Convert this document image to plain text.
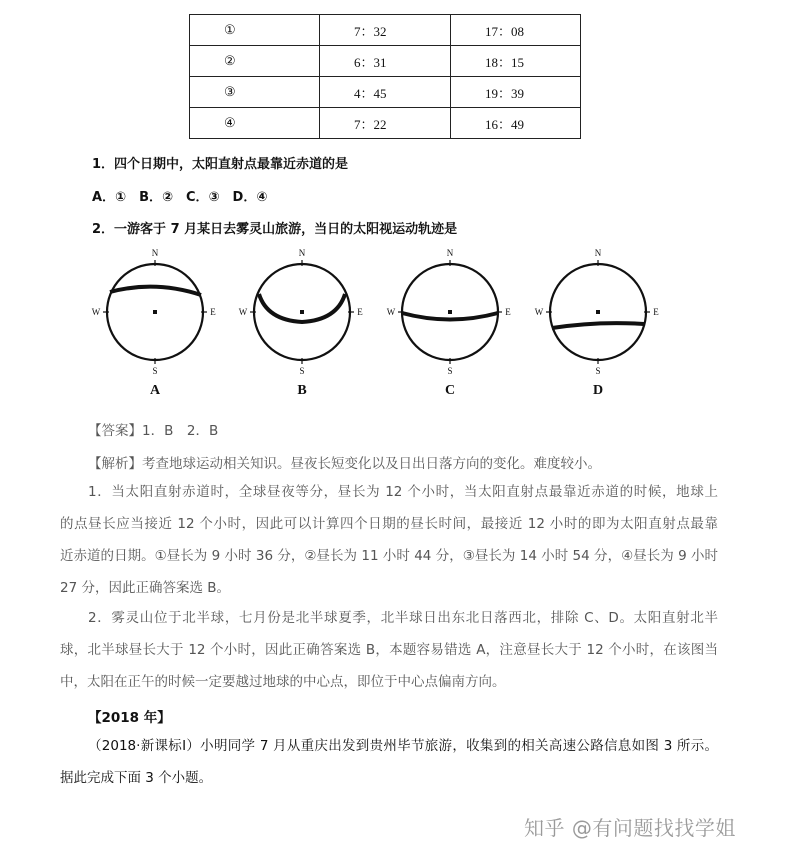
①	7：32	17：08
②	6：31	18：15
③	4：45	19：39
④	7：22	16：49
1．四个日期中，太阳直射点最靠近赤道的是
A．①　B．②　C．③　D．④
2．一游客于 7 月某日去雾灵山旅游，当日的太阳视运动轨迹是
N
S
W	E
A
N
S
W	E
B
N
S
W	E
C
N
S
W	E
D
【答案】1．B　2．B
【解析】考查地球运动相关知识。昼夜长短变化以及日出日落方向的变化。难度较小。
1．当太阳直射赤道时，全球昼夜等分，昼长为 12 个小时，当太阳直射点最靠近赤道的时候，地球上
的点昼长应当接近 12 个小时，因此可以计算四个日期的昼长时间，最接近 12 小时的即为太阳直射点最靠
近赤道的日期。①昼长为 9 小时 36 分，②昼长为 11 小时 44 分，③昼长为 14 小时 54 分，④昼长为 9 小时
27 分，因此正确答案选 B。
2．雾灵山位于北半球，七月份是北半球夏季，北半球日出东北日落西北，排除 C、D。太阳直射北半
球，北半球昼长大于 12 个小时，因此正确答案选 B，本题容易错选 A，注意昼长大于 12 个小时，在该图当
中，太阳在正午的时候一定要越过地球的中心点，即位于中心点偏南方向。
【2018 年】
（2018·新课标Ⅰ）小明同学 7 月从重庆出发到贵州毕节旅游，收集到的相关高速公路信息如图 3 所示。
据此完成下面 3 个小题。
知乎 @有问题找找学姐
